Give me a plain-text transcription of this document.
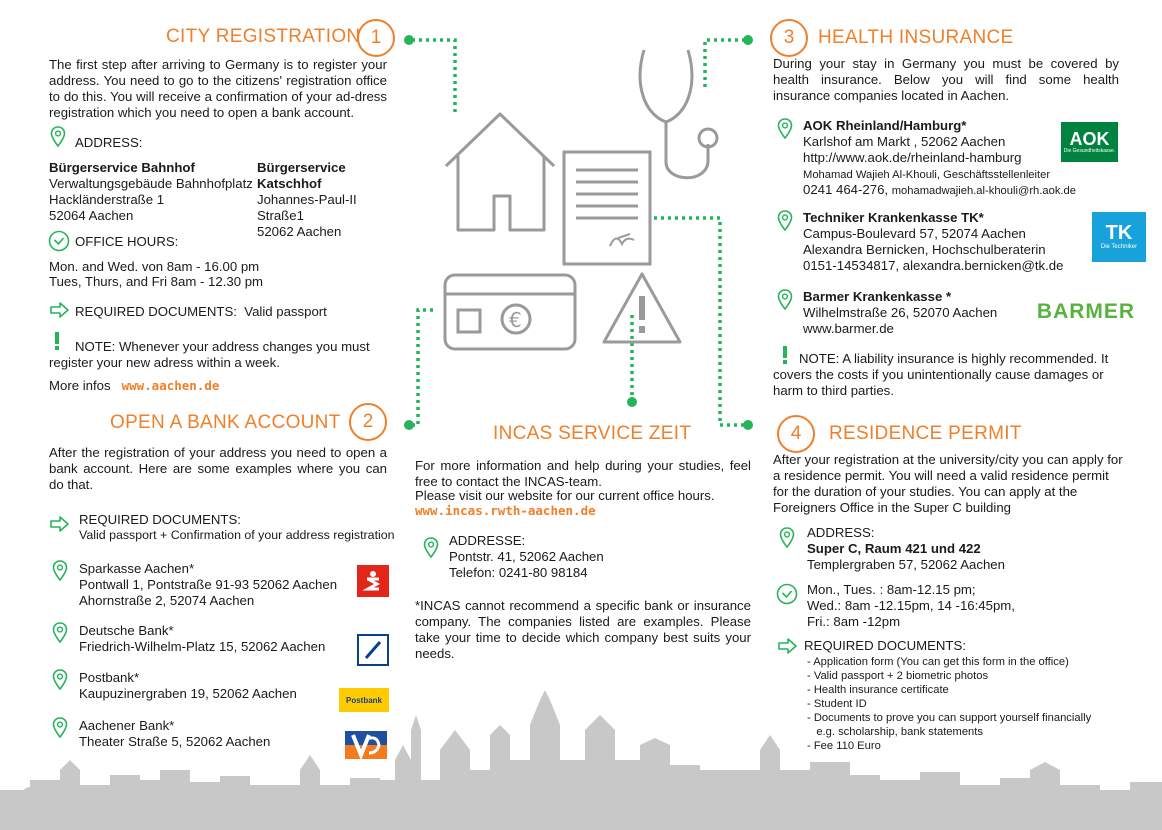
CITY REGISTRATION 1
The first step after arriving to Germany is to register your address. You need to go to the citizens' registration office to do this. You will receive a confirmation of your ad-dress registration which you need to open a bank account.
ADDRESS:
Bürgerservice Bahnhof
Verwaltungsgebäude Bahnhofplatz
Hackländerstraße 1
52064 Aachen
Bürgerservice Katschhof
Johannes-Paul-II Straße1
52062 Aachen
OFFICE HOURS:
Mon. and Wed. von 8am - 16.00 pm
Tues, Thurs, and Fri 8am - 12.30 pm
REQUIRED DOCUMENTS: Valid passport
NOTE: Whenever your address changes you must register your new adress within a week.
More infos www.aachen.de
OPEN A BANK ACCOUNT	2
After the registration of your address you need to open a bank account. Here are some examples where you can do that.
REQUIRED DOCUMENTS:
Valid passport + Confirmation of your address registration
Sparkasse Aachen*
Pontwall 1, Pontstraße 91-93 52062 Aachen
Ahornstraße 2, 52074 Aachen
Deutsche Bank*
Friedrich-Wilhelm-Platz 15, 52062 Aachen
Postbank*
Kaupuzinergraben 19, 52062 Aachen	Postbank
Aachener Bank*
Theater Straße 5, 52062 Aachen
€
INCAS SERVICE ZEIT
For more information and help during your studies, feel free to contact the INCAS-team.
Please visit our website for our current office hours.
www.incas.rwth-aachen.de
ADDRESSE:
Pontstr. 41, 52062 Aachen
Telefon: 0241-80 98184
*INCAS cannot recommend a specific bank or insurance company. The companies listed are examples. Please take your time to decide which company best suits your needs.
3	HEALTH INSURANCE
During your stay in Germany you must be covered by health insurance. Below you will find some health insurance companies located in Aachen.
AOK Rheinland/Hamburg*
Karlshof am Markt , 52062 Aachen
http://www.aok.de/rheinland-hamburg
Mohamad Wajieh Al-Khouli, Geschäftsstellenleiter
0241 464-276, mohamadwajieh.al-khouli@rh.aok.de
AOK
Die Gesundheitskasse.
Techniker Krankenkasse TK*
Campus-Boulevard 57, 52074 Aachen
Alexandra Bernicken, Hochschulberaterin
0151-14534817, alexandra.bernicken@tk.de
TK
Die Techniker
Barmer Krankenkasse *
Wilhelmstraße 26, 52070 Aachen
www.barmer.de
BARMER
NOTE: A liability insurance is highly recommended. It covers the costs if you unintentionally cause damages or harm to third parties.
4	RESIDENCE PERMIT
After your registration at the university/city you can apply for a residence permit. You will need a valid residence permit for the duration of your studies. You can apply at the Foreigners Office in the Super C building
ADDRESS:
Super C, Raum 421 und 422
Templergraben 57, 52062 Aachen
Mon., Tues. : 8am-12.15 pm;
Wed.: 8am -12.15pm, 14 -16:45pm,
Fri.: 8am -12pm
REQUIRED DOCUMENTS:
- Application form (You can get this form in the office)
- Valid passport + 2 biometric photos
- Health insurance certificate
- Student ID
- Documents to prove you can support yourself financially
e.g. scholarship, bank statements
- Fee 110 Euro
